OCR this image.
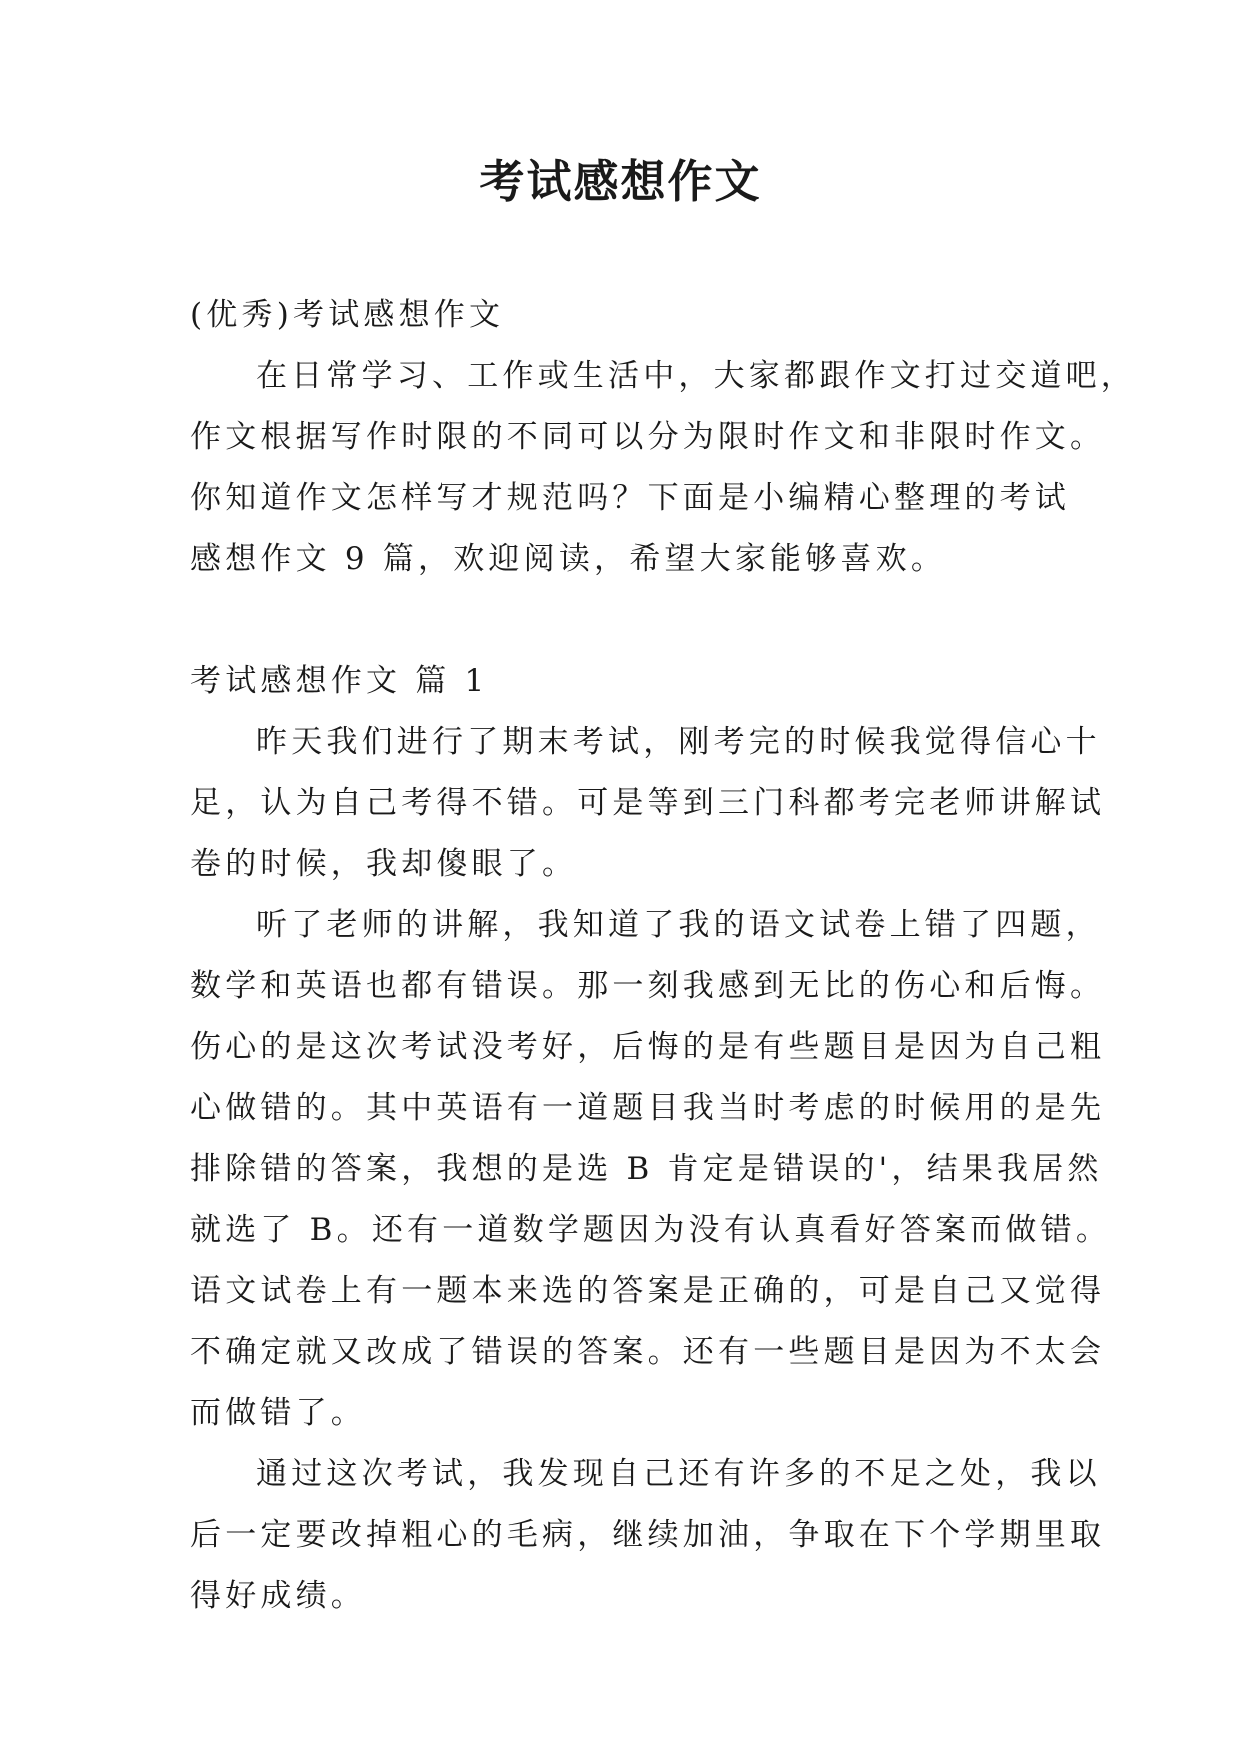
考试感想作文
(优秀)考试感想作文
在日常学习、工作或生活中，大家都跟作文打过交道吧，
作文根据写作时限的不同可以分为限时作文和非限时作文。
你知道作文怎样写才规范吗？下面是小编精心整理的考试
感想作文 9 篇，欢迎阅读，希望大家能够喜欢。
考试感想作文 篇 1
昨天我们进行了期末考试，刚考完的时候我觉得信心十
足，认为自己考得不错。可是等到三门科都考完老师讲解试
卷的时候，我却傻眼了。
听了老师的讲解，我知道了我的语文试卷上错了四题，
数学和英语也都有错误。那一刻我感到无比的伤心和后悔。
伤心的是这次考试没考好，后悔的是有些题目是因为自己粗
心做错的。其中英语有一道题目我当时考虑的时候用的是先
排除错的答案，我想的是选 B 肯定是错误的'，结果我居然
就选了 B。还有一道数学题因为没有认真看好答案而做错。
语文试卷上有一题本来选的答案是正确的，可是自己又觉得
不确定就又改成了错误的答案。还有一些题目是因为不太会
而做错了。
通过这次考试，我发现自己还有许多的不足之处，我以
后一定要改掉粗心的毛病，继续加油，争取在下个学期里取
得好成绩。
